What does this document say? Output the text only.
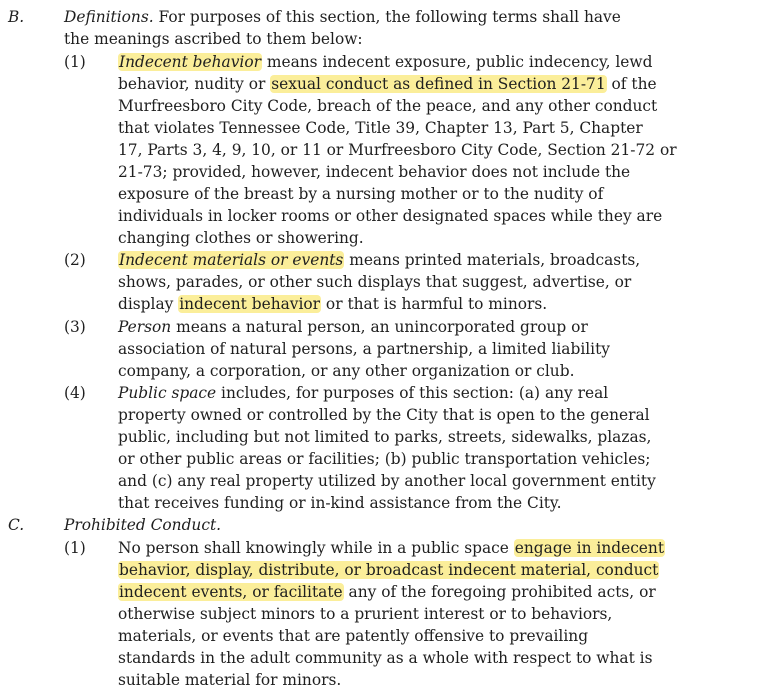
B.	Definitions. For purposes of this section, the following terms shall have
the meanings ascribed to them below:
(1) Indecent behavior means indecent exposure, public indecency, lewd
behavior, nudity or sexual conduct as defined in Section 21-71 of the
Murfreesboro City Code, breach of the peace, and any other conduct
that violates Tennessee Code, Title 39, Chapter 13, Part 5, Chapter
17, Parts 3, 4, 9, 10, or 11 or Murfreesboro City Code, Section 21-72 or
21-73; provided, however, indecent behavior does not include the
exposure of the breast by a nursing mother or to the nudity of
individuals in locker rooms or other designated spaces while they are
changing clothes or showering.
(2) Indecent materials or events means printed materials, broadcasts,
shows, parades, or other such displays that suggest, advertise, or
display indecent behavior or that is harmful to minors.
(3) Person means a natural person, an unincorporated group or
association of natural persons, a partnership, a limited liability
company, a corporation, or any other organization or club.
(4) Public space includes, for purposes of this section: (a) any real
property owned or controlled by the City that is open to the general
public, including but not limited to parks, streets, sidewalks, plazas,
or other public areas or facilities; (b) public transportation vehicles;
and (c) any real property utilized by another local government entity
that receives funding or in-kind assistance from the City.
C.	Prohibited Conduct.
(1) No person shall knowingly while in a public space engage in indecent
behavior, display, distribute, or broadcast indecent material, conduct
indecent events, or facilitate any of the foregoing prohibited acts, or
otherwise subject minors to a prurient interest or to behaviors,
materials, or events that are patently offensive to prevailing
standards in the adult community as a whole with respect to what is
suitable material for minors.
